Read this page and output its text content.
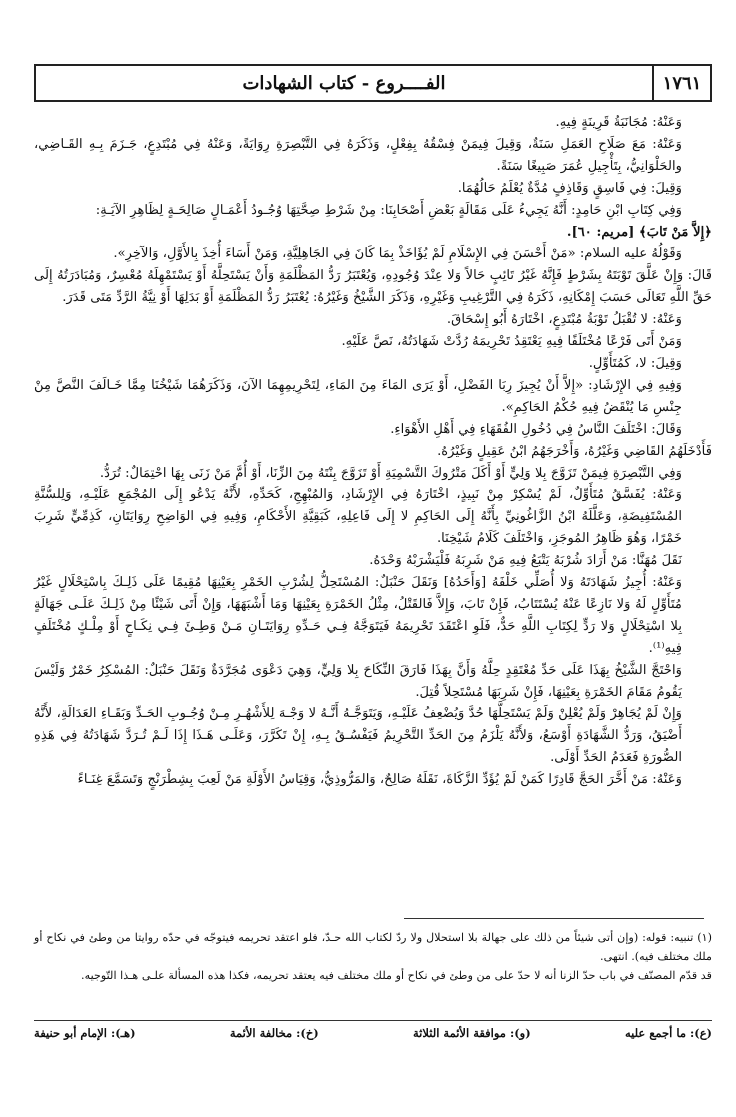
١٧٦١
الفــــروع - كتاب الشهادات

وَعَنْهُ: مُجَانَبَةُ قَرِينَةٍ فِيهِ.

وَعَنْهُ: مَعَ صَلَاحِ العَمَلِ سَنَةٌ، وَقِيلَ فِيمَنْ فِسْقُهُ بِفِعْلٍ، وَذَكَرَهُ فِي التَّبْصِرَةِ رِوَايَةً، وَعَنْهُ فِي مُبْتَدِعٍ، جَـزَمَ بِـهِ القَـاضِي، والحَلْوَانِيُّ، بِتَأْجِيلِ عُمَرَ صَبِيغًا سَنَةً.

وَقِيلَ: فِي فَاسِقٍ وَقَاذِفٍ مُدَّةٌ يُعْلَمُ حَالُهُمَا.

وَفِي كِتَابِ ابْنِ حَامِدٍ: أَنَّهُ يَجِيءُ عَلَى مَقَالَةٍ بَعْضِ أَصْحَابِنَا: مِنْ شَرْطِ صِحَّتِهَا وُجُـودُ أَعْمَـالٍ صَالِحَـةٍ لِظَاهِرِ الآيَـةِ:

﴿إِلاَّ مَنْ تَابَ﴾ [مريم: ٦٠].

وَقَوْلُهُ عليه السلام: «مَنْ أَحْسَنَ فِي الإِسْلَامِ لَمْ يُؤَاخَذْ بِمَا كَانَ فِي الجَاهِلِيَّةِ، وَمَنْ أَسَاءَ أُخِذَ بِالأَوَّلِ، وَالآخِرِ».

قَالَ: وَإِنْ عَلَّقَ تَوْبَتَهُ بِشَرْطٍ فَإِنَّهُ غَيْرُ تَائِبٍ حَالاً وَلا عِنْدَ وُجُودِهِ، وَيُعْتَبَرُ رَدُّ المَظْلَمَةِ وَأَنْ يَسْتَحِلَّهُ أَوْ يَسْتَمْهِلَهُ مُعْسِرٌ، وَمُبَادَرَتُهُ إِلَى حَقِّ اللَّهِ تَعَالَى حَسَبَ إِمْكَانِهِ، ذَكَرَهُ فِي التَّرْغِيبِ وَغَيْرِهِ، وَذَكَرَ الشَّيْخُ وَغَيْرُهُ: يُعْتَبَرُ رَدُّ المَظْلَمَةِ أَوْ بَدَلِهَا أَوْ نِيَّةُ الرَّدِّ مَتَى قَدَرَ.

وَعَنْهُ: لا تُقْبَلُ تَوْبَةُ مُبْتَدِعٍ، اخْتَارَهُ أَبُو إِسْحَاقَ.

وَمَنْ أَتَى فَرْعًا مُخْتَلَفًا فِيهِ يَعْتَقِدُ تَحْرِيمَهُ رُدَّتْ شَهَادَتُهُ، نَصَّ عَلَيْهِ.

وَقِيلَ: لا، كَمُتَأَوِّلٍ.

وَفِيهِ فِي الإِرْشَادِ: «إِلاَّ أَنْ يُجِيزَ رِبَا الفَضْلِ، أَوْ يَرَى المَاءَ مِنَ المَاءِ، لِتَحْرِيمِهِمَا الآنَ، وَذَكَرَهُمَا شَيْخُنَا مِمَّا خَـالَفَ النَّصَّ مِنْ جِنْسِ مَا يُنْقَضُ فِيهِ حُكْمُ الحَاكِمِ».

وَقَالَ: اخْتَلَفَ النَّاسُ فِي دُخُولِ الفُقَهَاءِ فِي أَهْلِ الأَهْوَاءِ.

فَأَدْخَلَهُمُ القَاضِي وَغَيْرُهُ، وَأَخْرَجَهُمُ ابْنُ عَقِيلٍ وَغَيْرُهُ.

وَفِي التَّبْصِرَةِ فِيمَنْ تَزَوَّجَ بِلا وَلِيٍّ أَوْ أَكَلَ مَتْرُوكَ التَّسْمِيَةِ أَوْ تَزَوَّجَ بِنْتَهُ مِنَ الزِّنَا، أَوْ أُمَّ مَنْ زَنَى بِهَا احْتِمَالٌ: تُرَدُّ.

وَعَنْهُ: يُفَسَّقُ مُتَأَوِّلٌ، لَمْ يُسْكِرْ مِنْ نَبِيذٍ، اخْتَارَهُ فِي الإِرْشَادِ، وَالمُبْهِجِ، كَحَدِّهِ، لأَنَّهُ يَدْعُو إِلَى المُجْمَعِ عَلَيْـهِ، وَلِلسُّنَّةِ المُسْتَفِيضَةِ، وَعَلَّلَهُ ابْنُ الزَّاغُونِيِّ بِأَنَّهُ إِلَى الحَاكِمِ لا إِلَى فَاعِلِهِ، كَبَقِيَّةِ الأَحْكَامِ، وَفِيهِ فِي الوَاضِحِ رِوَايَتَانِ، كَذِمِّيٍّ شَرِبَ خَمْرًا، وَهُوَ ظَاهِرُ المُوجَزِ، وَاخْتَلَفَ كَلَامُ شَيْخِنَا.

نَقَلَ مُهَنَّا: مَنْ أَرَادَ شُرْبَهُ يَتْبَعُ فِيهِ مَنْ شَرِبَهُ فَلْيَشْرَبْهُ وَحْدَهُ.

وَعَنْهُ: أُجِيزُ شَهَادَتَهُ وَلا أُصَلِّي خَلْفَهُ [وَأَحَدُهُ] وَنَقَلَ حَنْبَلٌ: المُسْتَحِلُّ لِشُرْبِ الخَمْرِ بِعَيْنِهَا مُقِيمًا عَلَى ذَلِـكَ بِاسْتِحْلَالٍ غَيْرُ مُتَأَوِّلٍ لَهُ وَلا نَازِعًا عَنْهُ يُسْتَتَابُ، فَإِنْ تَابَ، وَإِلاَّ فَالقَتْلُ، مِثْلُ الخَمْرَةِ بِعَيْنِهَا وَمَا أَشْبَهَهَا، وَإِنْ أَتَى شَيْئًا مِنْ ذَلِـكَ عَلَـى جَهَالَةٍ بِلا اسْتِحْلَالٍ وَلا رَدٍّ لِكِتَابِ اللَّهِ حَدٌّ، فَلَوِ اعْتَقَدَ تَحْرِيمَهُ فَيَتَوَجَّهُ فِـي حَـدِّهِ رِوَايَتَـانِ مَـنْ وَطِـئَ فِـي نِكَـاحٍ أَوْ مِلْـكٍ مُخْتَلَفٍ فِيهِ⁽¹⁾.

وَاحْتَجَّ الشَّيْخُ بِهَذَا عَلَى حَدِّ مُعْتَقِدٍ حِلَّهُ وَأَنَّ بِهَذَا فَارَقَ النِّكَاحَ بِلا وَلِيٍّ، وَهِيَ دَعْوَى مُجَرَّدَةٌ وَنَقَلَ حَنْبَلٌ: المُسْكِرُ خَمْرٌ وَلَيْسَ يَقُومُ مَقَامَ الخَمْرَةِ بِعَيْنِهَا، فَإِنْ شَرِبَهَا مُسْتَحِلاً قُتِلَ.

وَإِنْ لَمْ يُجَاهِرْ وَلَمْ يُعْلِنْ وَلَمْ يَسْتَحِلَّهَا حُدَّ وَيُضْعِفُ عَلَيْـهِ، وَيَتَوَجَّـهُ أَنَّـهُ لا وَجْـهَ لِلأَشْهُـرِ مِـنْ وُجُـوبِ الحَـدِّ وَبَقَـاءِ العَدَالَةِ، لأَنَّهُ أَضْيَقُ، وَرَدُّ الشَّهَادَةِ أَوْسَعُ، وَلأَنَّهُ يَلْزَمُ مِنَ الحَدِّ التَّحْرِيمُ فَيَفْسُـقُ بِـهِ، إِنْ تَكَرَّرَ، وَعَلَـى هَـذَا إِذَا لَـمْ تُـرَدَّ شَهَادَتُهُ فِي هَذِهِ الصُّورَةِ فَعَدَمُ الحَدِّ أَوْلَى.

وَعَنْهُ: مَنْ أَخَّرَ الحَجَّ قَادِرًا كَمَنْ لَمْ يُؤَدِّ الزَّكَاةَ، نَقَلَهُ صَالِحٌ، وَالمَرُّوذِيُّ، وَقِيَاسُ الأَوْلَةِ مَنْ لَعِبَ بِشِطْرَنْجٍ وَتَسَمَّعَ غِنَـاءً

(١) تنبيه: قوله: (وإن أتى شيئاً من ذلك على جهالة بلا استحلال ولا ردّ لكتاب الله حـدّ، فلو اعتقد تحريمه فيتوجّه في حدّه روايتا من وطئ في نكاح أو ملك مختلف فيه). انتهى.

قد قدّم المصنّف في باب حدّ الزنا أنه لا حدّ على من وطئ في نكاح أو ملك مختلف فيه يعتقد تحريمه، فكذا هذه المسألة علـى هـذا التّوجيه.

(ع): ما أجمع عليه
(و): موافقة الأئمة الثلاثة
(خ): مخالفة الأئمة
(هـ): الإمام أبو حنيفة
